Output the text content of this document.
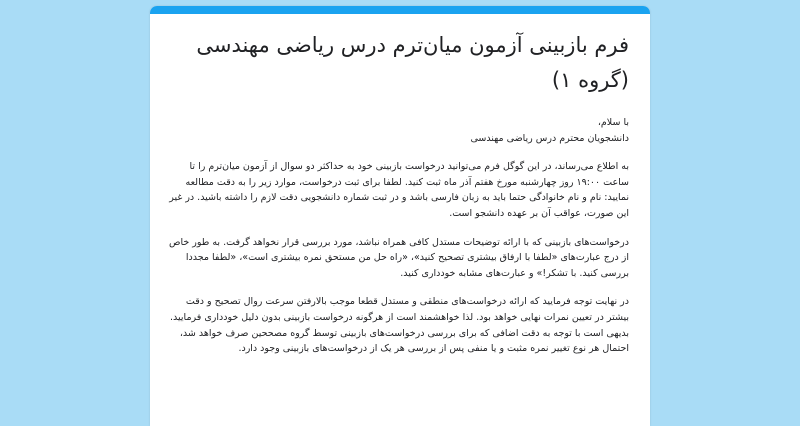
فرم بازبینی آزمون میان‌ترم درس ریاضی مهندسی (گروه ۱)

با سلام،

دانشجویان محترم درس ریاضی مهندسی

به اطلاع می‌رساند، در این گوگل فرم می‌توانید درخواست بازبینی خود به حداکثر دو سوال از آزمون میان‌ترم را تا ساعت ۱۹:۰۰ روز چهارشنبه مورخ هفتم آذر ماه ثبت کنید. لطفا برای ثبت درخواست، موارد زیر را به دقت مطالعه نمایید: نام و نام خانوادگی حتما باید به زبان فارسی باشد و در ثبت شماره دانشجویی دقت لازم را داشته باشید. در غیر این صورت، عواقب آن بر عهده دانشجو است.

درخواست‌های بازبینی که با ارائه توضیحات مستدل کافی همراه نباشد، مورد بررسی قرار نخواهد گرفت. به طور خاص از درج عبارت‌های «لطفا با ارفاق بیشتری تصحیح کنید»، «راه حل من مستحق نمره بیشتری است»، «لطفا مجددا بررسی کنید. با تشکر!» و عبارت‌های مشابه خودداری کنید.

در نهایت توجه فرمایید که ارائه درخواست‌های منطقی و مستدل قطعا موجب بالارفتن سرعت روال تصحیح و دقت بیشتر در تعیین نمرات نهایی خواهد بود. لذا خواهشمند است از هرگونه درخواست بازبینی بدون دلیل خودداری فرمایید. بدیهی است با توجه به دقت اضافی که برای بررسی درخواست‌های بازبینی توسط گروه مصححین صرف خواهد شد، احتمال هر نوع تغییر نمره مثبت و یا منفی پس از بررسی هر یک از درخواست‌های بازبینی وجود دارد.
